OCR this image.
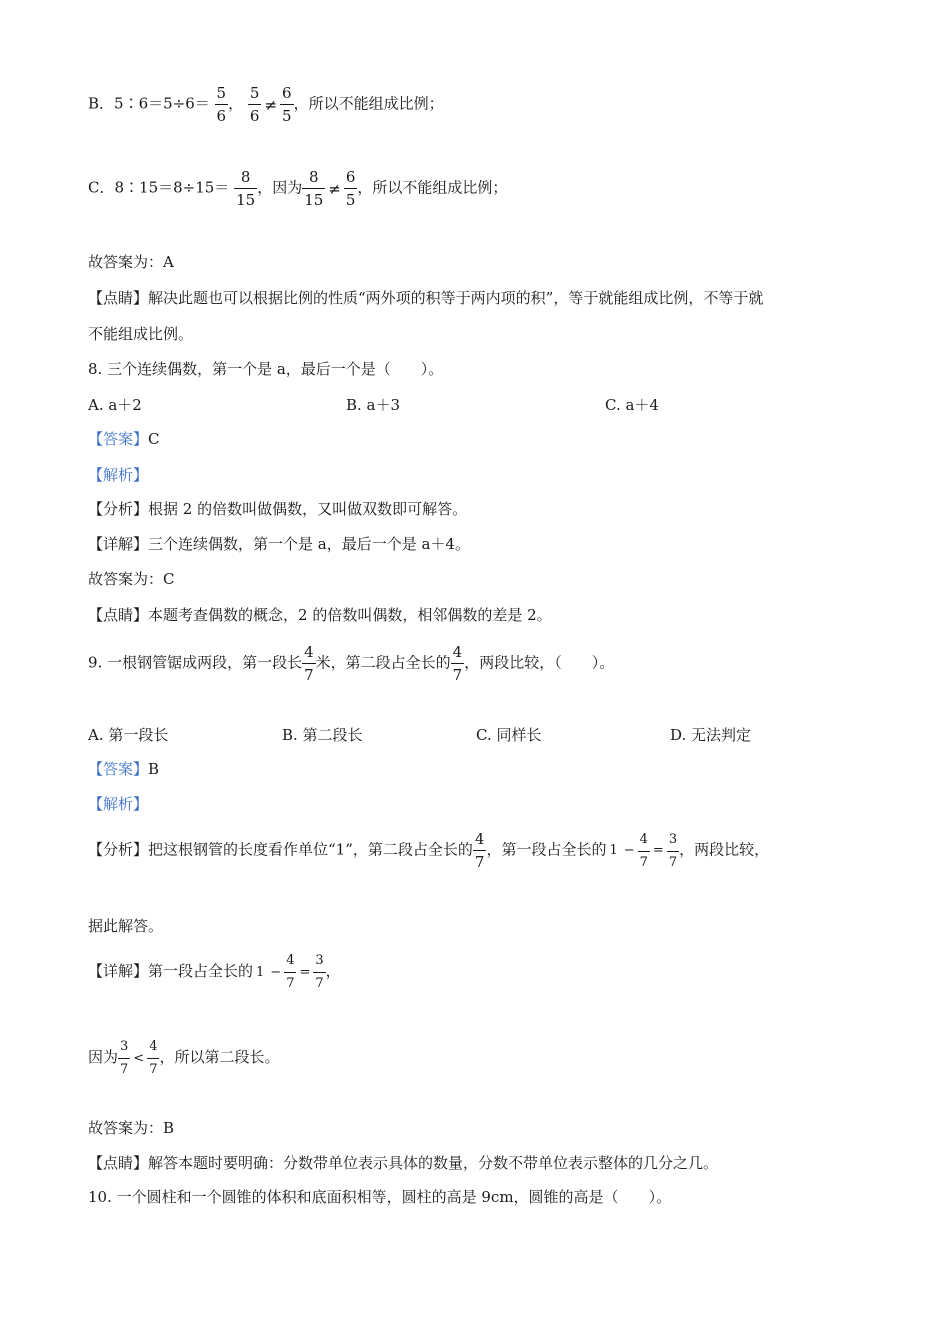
B．5∶6＝5÷6＝ $\frac{5}{6}$ ， $\frac{5}{6} \ne \frac{6}{5}$ ，所以不能组成比例；
C．8∶15＝8÷15＝ $\frac{8}{15}$ ，因为 $\frac{8}{15} \ne \frac{6}{5}$ ，所以不能组成比例；
故答案为：A
【点睛】解决此题也可以根据比例的性质“两外项的积等于两内项的积”，等于就能组成比例，不等于就
不能组成比例。
8. 三个连续偶数，第一个是 a，最后一个是（　　）。
A. a＋2	B. a＋3	C. a＋4
【答案】C
【解析】
【分析】根据 2 的倍数叫做偶数，又叫做双数即可解答。
【详解】三个连续偶数，第一个是 a，最后一个是 a＋4。
故答案为：C
【点睛】本题考查偶数的概念，2 的倍数叫偶数，相邻偶数的差是 2。
9. 一根钢管锯成两段，第一段长 $\frac{4}{7}$ 米，第二段占全长的 $\frac{4}{7}$ ，两段比较，（　　）。
A. 第一段长	B. 第二段长	C. 同样长	D. 无法判定
【答案】B
【解析】
【分析】把这根钢管的长度看作单位“1”，第二段占全长的 $\frac{4}{7}$ ，第一段占全长的 $1 - \frac{4}{7} = \frac{3}{7}$ ，两段比较，
据此解答。
【详解】第一段占全长的 $1 - \frac{4}{7} = \frac{3}{7}$ ，
因为 $\frac{3}{7} < \frac{4}{7}$ ，所以第二段长。
故答案为：B
【点睛】解答本题时要明确：分数带单位表示具体的数量，分数不带单位表示整体的几分之几。
10. 一个圆柱和一个圆锥的体积和底面积相等，圆柱的高是 9cm，圆锥的高是（　　）。
